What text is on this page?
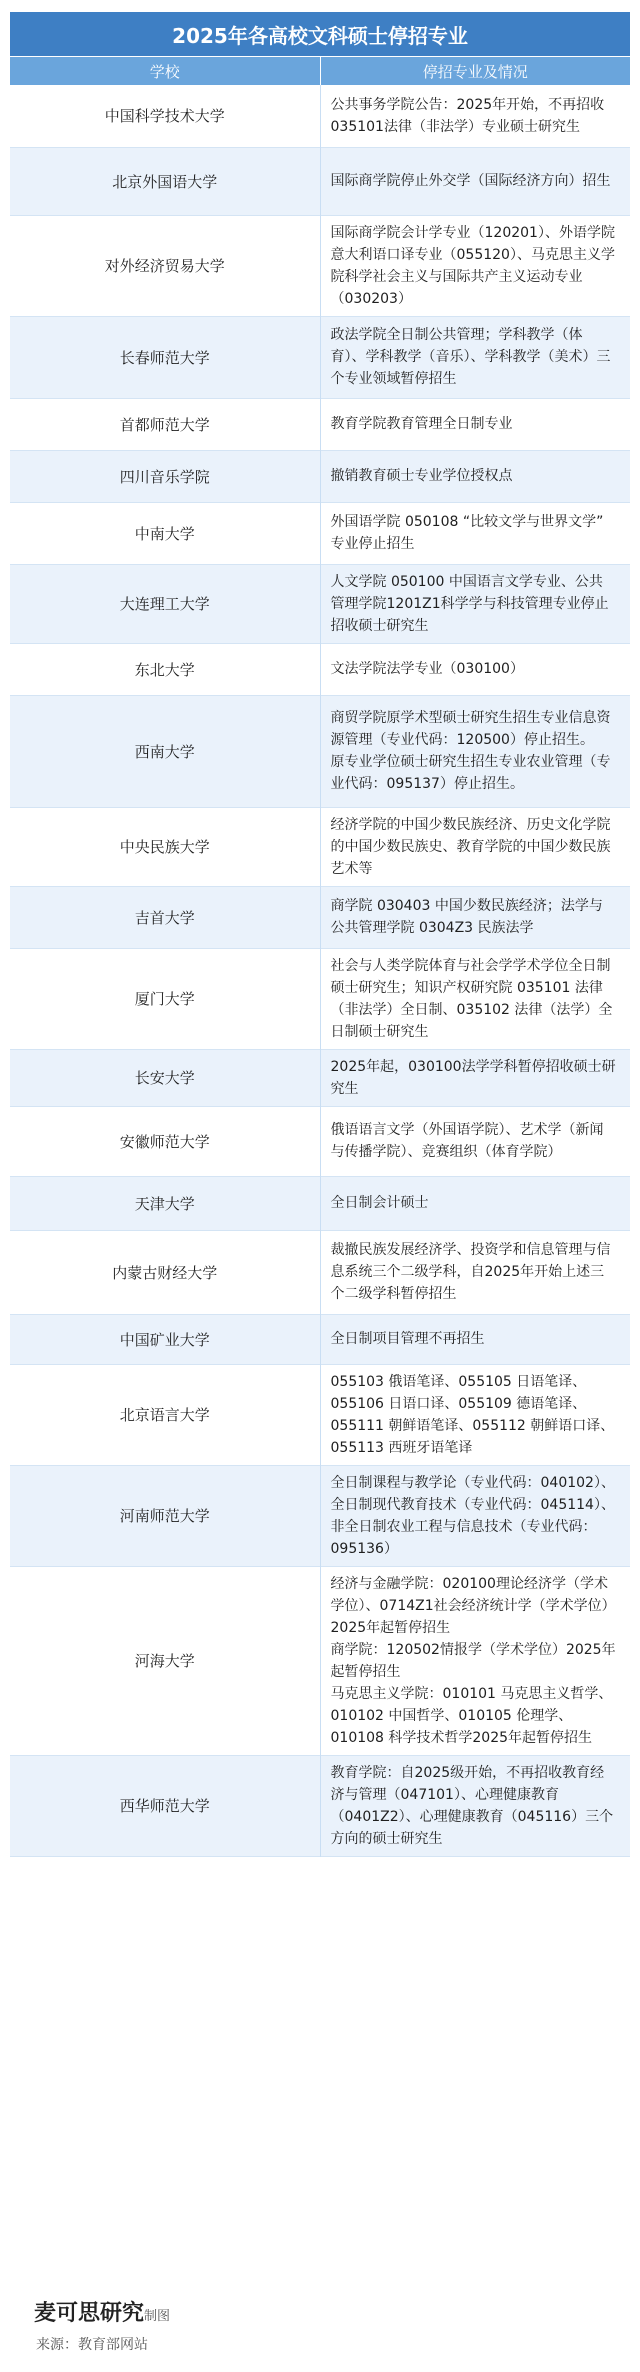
2025年各高校文科硕士停招专业	
学校	停招专业及情况
中国科学技术大学	公共事务学院公告：2025年开始，不再招收035101法律（非法学）专业硕士研究生

北京外国语大学	国际商学院停止外交学（国际经济方向）招生

对外经济贸易大学	国际商学院会计学专业（120201）、外语学院意大利语口译专业（055120）、马克思主义学院科学社会主义与国际共产主义运动专业（030203）

长春师范大学	政法学院全日制公共管理；学科教学（体育）、学科教学（音乐）、学科教学（美术）三个专业领域暂停招生

首都师范大学	教育学院教育管理全日制专业

四川音乐学院	撤销教育硕士专业学位授权点

中南大学	外国语学院 050108 “比较文学与世界文学” 专业停止招生

大连理工大学	人文学院 050100 中国语言文学专业、公共管理学院1201Z1科学学与科技管理专业停止招收硕士研究生

东北大学	文法学院法学专业（030100）

西南大学	商贸学院原学术型硕士研究生招生专业信息资源管理（专业代码：120500）停止招生。
原专业学位硕士研究生招生专业农业管理（专业代码：095137）停止招生。

中央民族大学	经济学院的中国少数民族经济、历史文化学院的中国少数民族史、教育学院的中国少数民族艺术等

吉首大学	商学院 030403 中国少数民族经济；法学与公共管理学院 0304Z3 民族法学

厦门大学	社会与人类学院体育与社会学学术学位全日制硕士研究生；知识产权研究院 035101 法律（非法学）全日制、035102 法律（法学）全日制硕士研究生

长安大学	2025年起，030100法学学科暂停招收硕士研究生

安徽师范大学	俄语语言文学（外国语学院）、艺术学（新闻与传播学院）、竞赛组织（体育学院）

天津大学	全日制会计硕士

内蒙古财经大学	裁撤民族发展经济学、投资学和信息管理与信息系统三个二级学科，自2025年开始上述三个二级学科暂停招生

中国矿业大学	全日制项目管理不再招生

北京语言大学	055103 俄语笔译、055105 日语笔译、055106 日语口译、055109 德语笔译、055111 朝鲜语笔译、055112 朝鲜语口译、055113 西班牙语笔译

河南师范大学	全日制课程与教学论（专业代码：040102）、全日制现代教育技术（专业代码：045114）、非全日制农业工程与信息技术（专业代码：095136）

河海大学	经济与金融学院：020100理论经济学（学术学位）、0714Z1社会经济统计学（学术学位）2025年起暂停招生
商学院：120502情报学（学术学位）2025年起暂停招生
马克思主义学院：010101 马克思主义哲学、010102 中国哲学、010105 伦理学、010108 科学技术哲学2025年起暂停招生

西华师范大学	教育学院：自2025级开始，不再招收教育经济与管理（047101）、心理健康教育（0401Z2）、心理健康教育（045116）三个方向的硕士研究生
麦可思研究制图
来源：教育部网站
